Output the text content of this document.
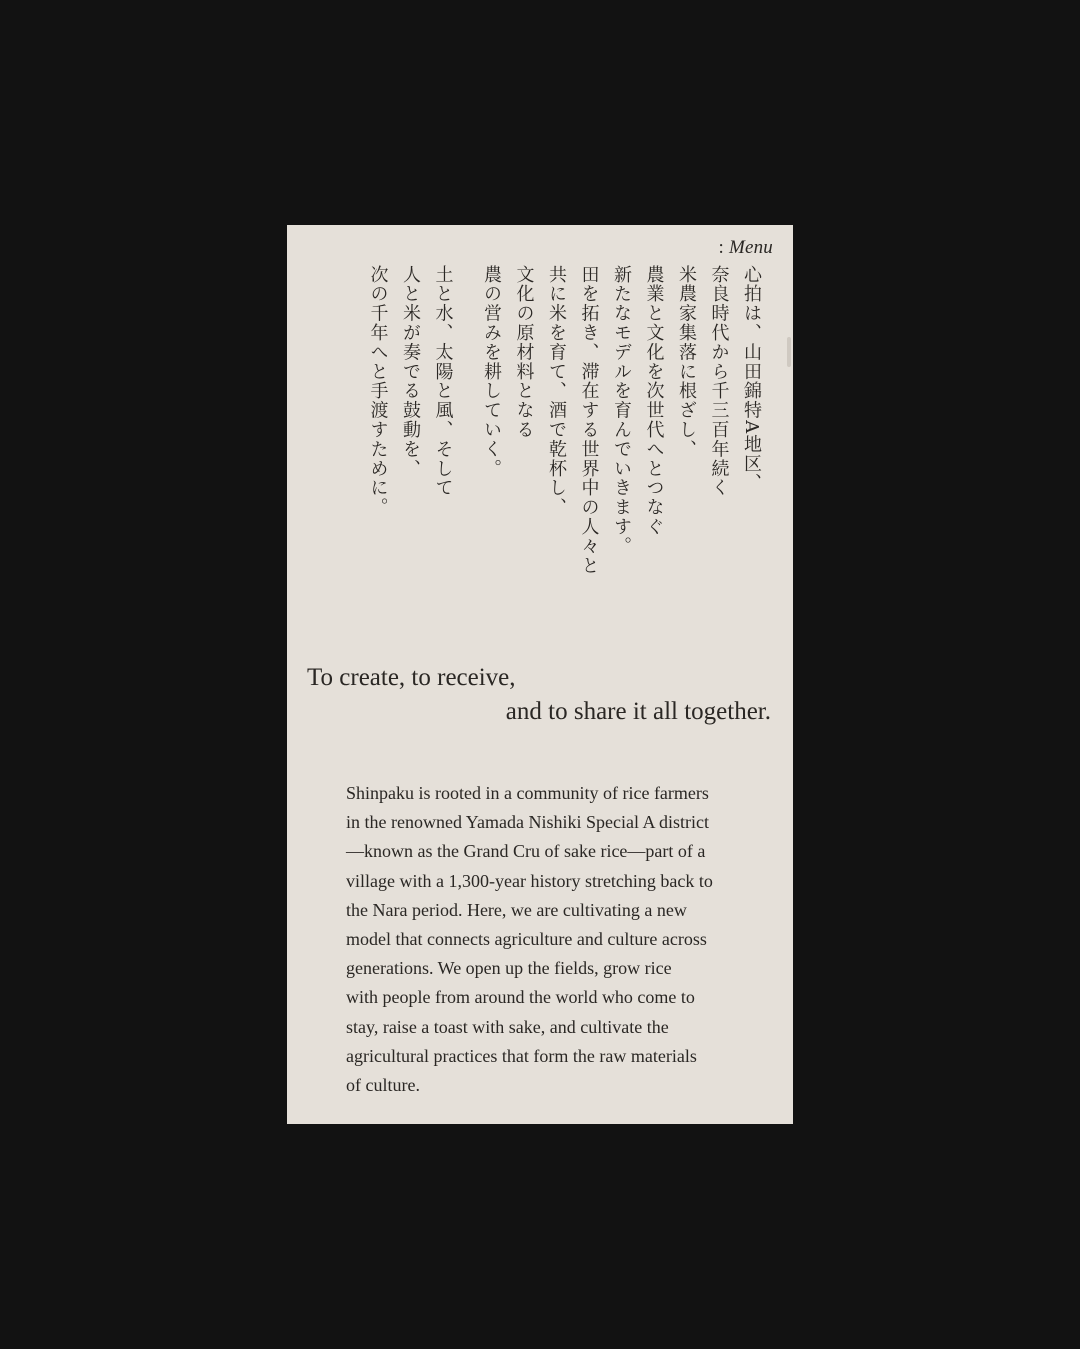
: Menu
心拍は、山田錦特A地区、
奈良時代から千三百年続く
米農家集落に根ざし、
農業と文化を次世代へとつなぐ
新たなモデルを育んでいきます。
田を拓き、滞在する世界中の人々と
共に米を育て、酒で乾杯し、
文化の原材料となる
農の営みを耕していく。
土と水、太陽と風、そして
人と米が奏でる鼓動を、
次の千年へと手渡すために。
To create, to receive,
and to share it all together.
Shinpaku is rooted in a community of rice farmers
in the renowned Yamada Nishiki Special A district
—known as the Grand Cru of sake rice—part of a
village with a 1,300-year history stretching back to
the Nara period. Here, we are cultivating a new
model that connects agriculture and culture across
generations. We open up the fields, grow rice
with people from around the world who come to
stay, raise a toast with sake, and cultivate the
agricultural practices that form the raw materials
of culture.
